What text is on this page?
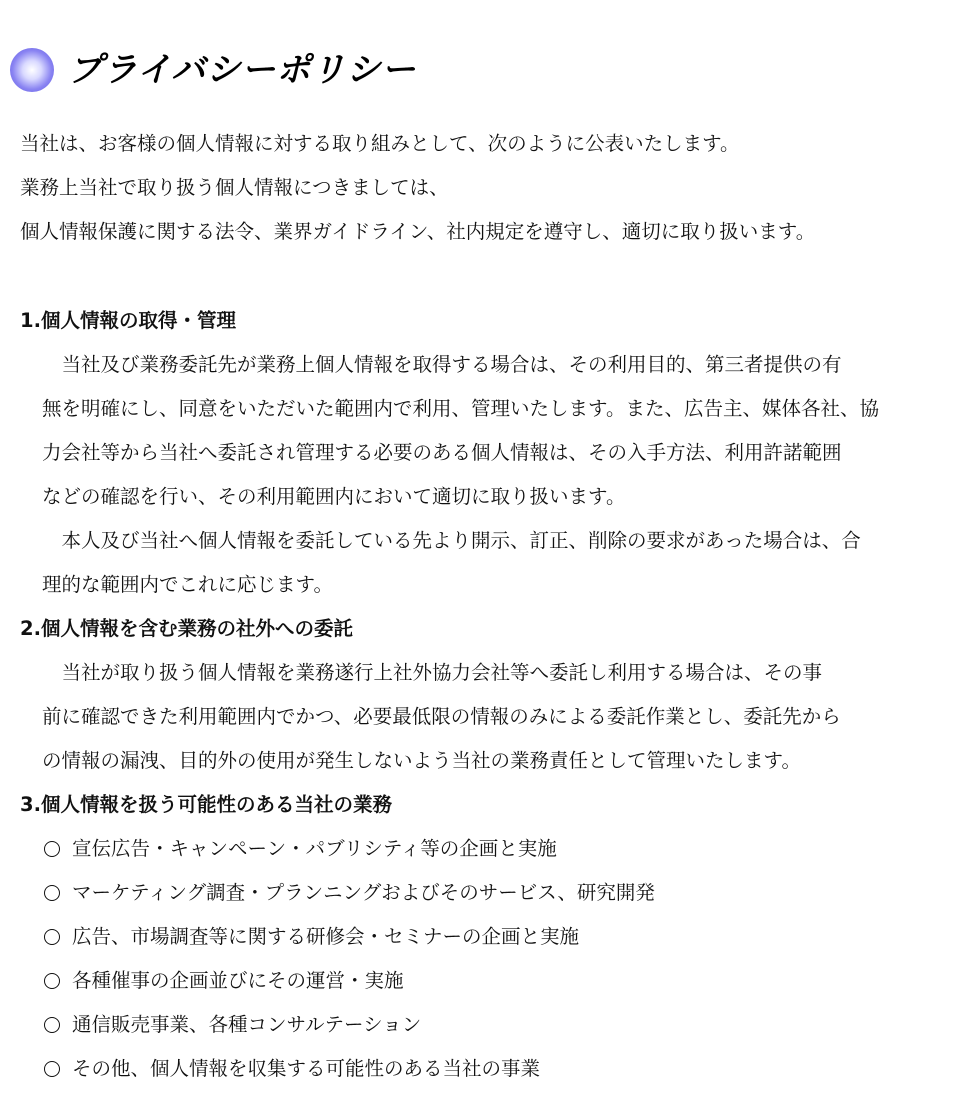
プライバシーポリシー
当社は、お客様の個人情報に対する取り組みとして、次のように公表いたします。
業務上当社で取り扱う個人情報につきましては、
個人情報保護に関する法令、業界ガイドライン、社内規定を遵守し、適切に取り扱います。
1.個人情報の取得・管理
　当社及び業務委託先が業務上個人情報を取得する場合は、その利用目的、第三者提供の有
無を明確にし、同意をいただいた範囲内で利用、管理いたします。また、広告主、媒体各社、協
力会社等から当社へ委託され管理する必要のある個人情報は、その入手方法、利用許諾範囲
などの確認を行い、その利用範囲内において適切に取り扱います。
　本人及び当社へ個人情報を委託している先より開示、訂正、削除の要求があった場合は、合
理的な範囲内でこれに応じます。
2.個人情報を含む業務の社外への委託
　当社が取り扱う個人情報を業務遂行上社外協力会社等へ委託し利用する場合は、その事
前に確認できた利用範囲内でかつ、必要最低限の情報のみによる委託作業とし、委託先から
の情報の漏洩、目的外の使用が発生しないよう当社の業務責任として管理いたします。
3.個人情報を扱う可能性のある当社の業務
宣伝広告・キャンペーン・パブリシティ等の企画と実施
マーケティング調査・プランニングおよびそのサービス、研究開発
広告、市場調査等に関する研修会・セミナーの企画と実施
各種催事の企画並びにその運営・実施
通信販売事業、各種コンサルテーション
その他、個人情報を収集する可能性のある当社の事業
